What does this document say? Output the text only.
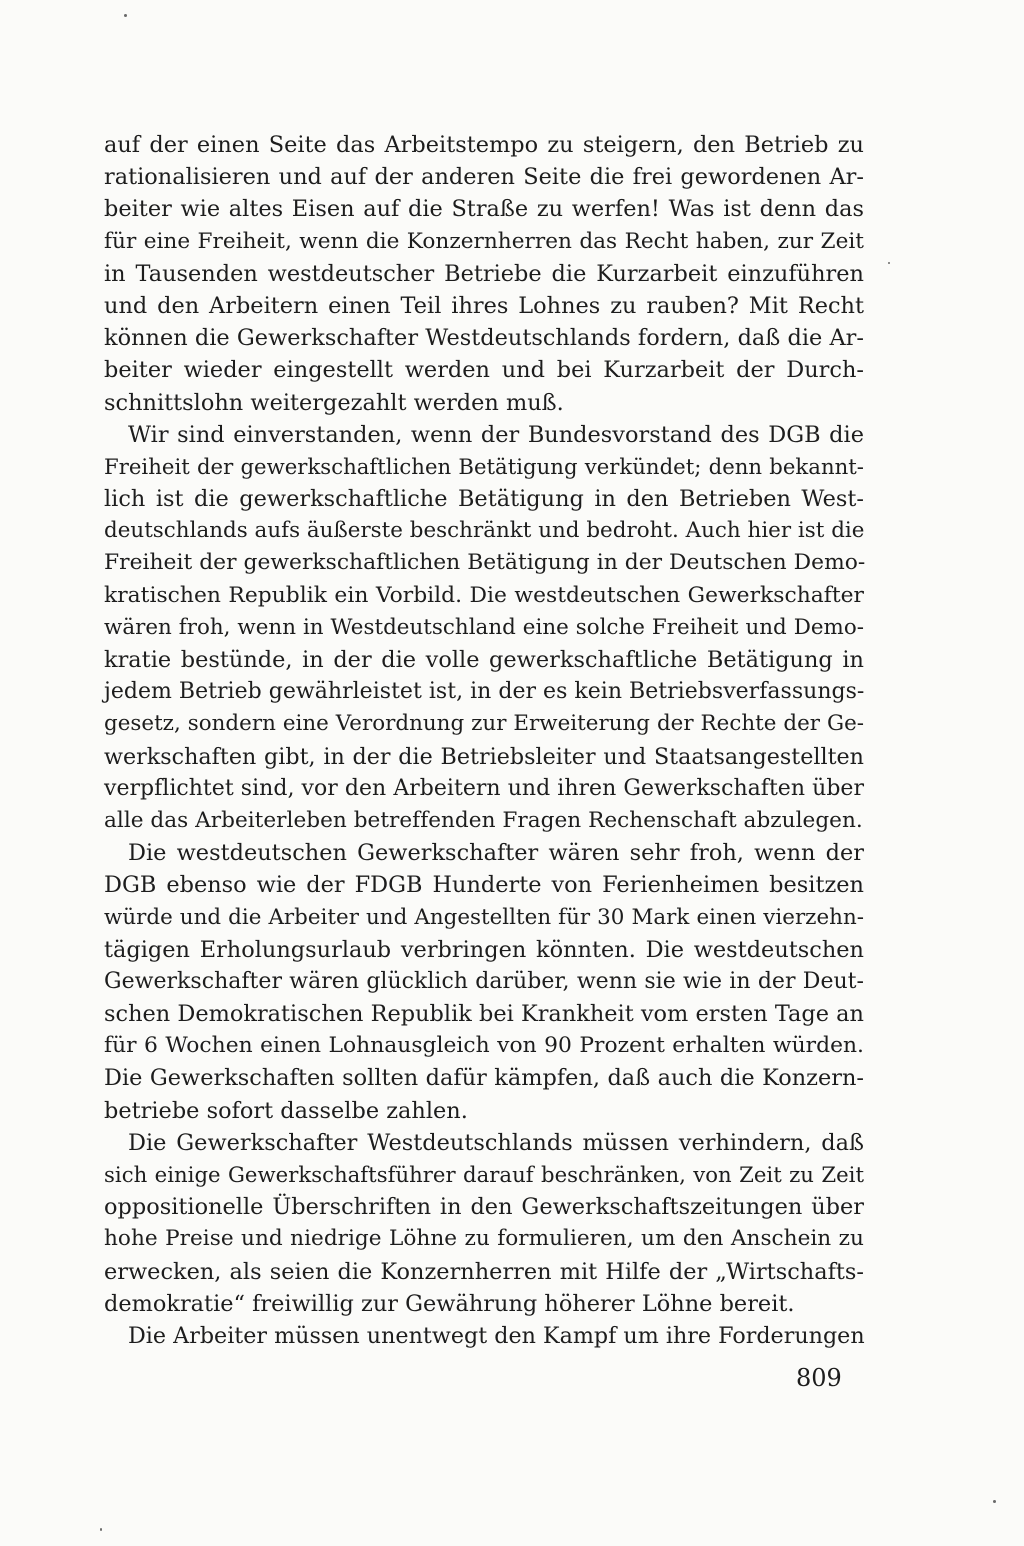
auf der einen Seite das Arbeitstempo zu steigern, den Betrieb zu
rationalisieren und auf der anderen Seite die frei gewordenen Ar-
beiter wie altes Eisen auf die Straße zu werfen! Was ist denn das
für eine Freiheit, wenn die Konzernherren das Recht haben, zur Zeit
in Tausenden westdeutscher Betriebe die Kurzarbeit einzuführen
und den Arbeitern einen Teil ihres Lohnes zu rauben? Mit Recht
können die Gewerkschafter Westdeutschlands fordern, daß die Ar-
beiter wieder eingestellt werden und bei Kurzarbeit der Durch-
schnittslohn weitergezahlt werden muß.
Wir sind einverstanden, wenn der Bundesvorstand des DGB die
Freiheit der gewerkschaftlichen Betätigung verkündet; denn bekannt-
lich ist die gewerkschaftliche Betätigung in den Betrieben West-
deutschlands aufs äußerste beschränkt und bedroht. Auch hier ist die
Freiheit der gewerkschaftlichen Betätigung in der Deutschen Demo-
kratischen Republik ein Vorbild. Die westdeutschen Gewerkschafter
wären froh, wenn in Westdeutschland eine solche Freiheit und Demo-
kratie bestünde, in der die volle gewerkschaftliche Betätigung in
jedem Betrieb gewährleistet ist, in der es kein Betriebsverfassungs-
gesetz, sondern eine Verordnung zur Erweiterung der Rechte der Ge-
werkschaften gibt, in der die Betriebsleiter und Staatsangestellten
verpflichtet sind, vor den Arbeitern und ihren Gewerkschaften über
alle das Arbeiterleben betreffenden Fragen Rechenschaft abzulegen.
Die westdeutschen Gewerkschafter wären sehr froh, wenn der
DGB ebenso wie der FDGB Hunderte von Ferienheimen besitzen
würde und die Arbeiter und Angestellten für 30 Mark einen vierzehn-
tägigen Erholungsurlaub verbringen könnten. Die westdeutschen
Gewerkschafter wären glücklich darüber, wenn sie wie in der Deut-
schen Demokratischen Republik bei Krankheit vom ersten Tage an
für 6 Wochen einen Lohnausgleich von 90 Prozent erhalten würden.
Die Gewerkschaften sollten dafür kämpfen, daß auch die Konzern-
betriebe sofort dasselbe zahlen.
Die Gewerkschafter Westdeutschlands müssen verhindern, daß
sich einige Gewerkschaftsführer darauf beschränken, von Zeit zu Zeit
oppositionelle Überschriften in den Gewerkschaftszeitungen über
hohe Preise und niedrige Löhne zu formulieren, um den Anschein zu
erwecken, als seien die Konzernherren mit Hilfe der „Wirtschafts-
demokratie“ freiwillig zur Gewährung höherer Löhne bereit.
Die Arbeiter müssen unentwegt den Kampf um ihre Forderungen
809
